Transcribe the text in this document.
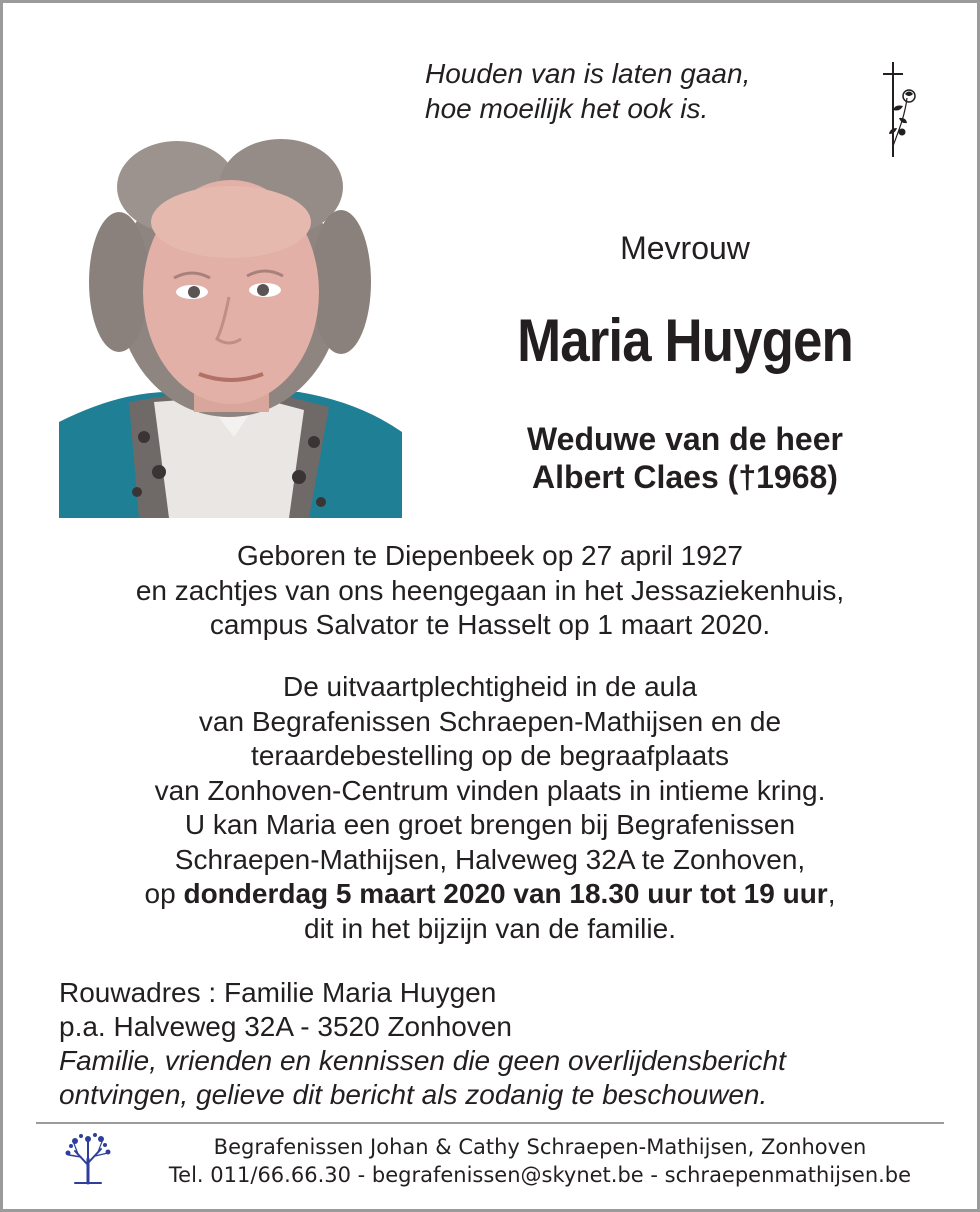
Houden van is laten gaan,
hoe moeilijk het ook is.
Mevrouw
Maria Huygen
Weduwe van de heer
Albert Claes (†1968)
Geboren te Diepenbeek op 27 april 1927
en zachtjes van ons heengegaan in het Jessaziekenhuis,
campus Salvator te Hasselt op 1 maart 2020.
De uitvaartplechtigheid in de aula
van Begrafenissen Schraepen-Mathijsen en de
teraardebestelling op de begraafplaats
van Zonhoven-Centrum vinden plaats in intieme kring.
U kan Maria een groet brengen bij Begrafenissen
Schraepen-Mathijsen, Halveweg 32A te Zonhoven,
op donderdag 5 maart 2020 van 18.30 uur tot 19 uur,
dit in het bijzijn van de familie.
Rouwadres : Familie Maria Huygen
p.a. Halveweg 32A - 3520 Zonhoven
Familie, vrienden en kennissen die geen overlijdensbericht
ontvingen, gelieve dit bericht als zodanig te beschouwen.
Begrafenissen Johan & Cathy Schraepen-Mathijsen, Zonhoven
Tel. 011/66.66.30 - begrafenissen@skynet.be - schraepenmathijsen.be
